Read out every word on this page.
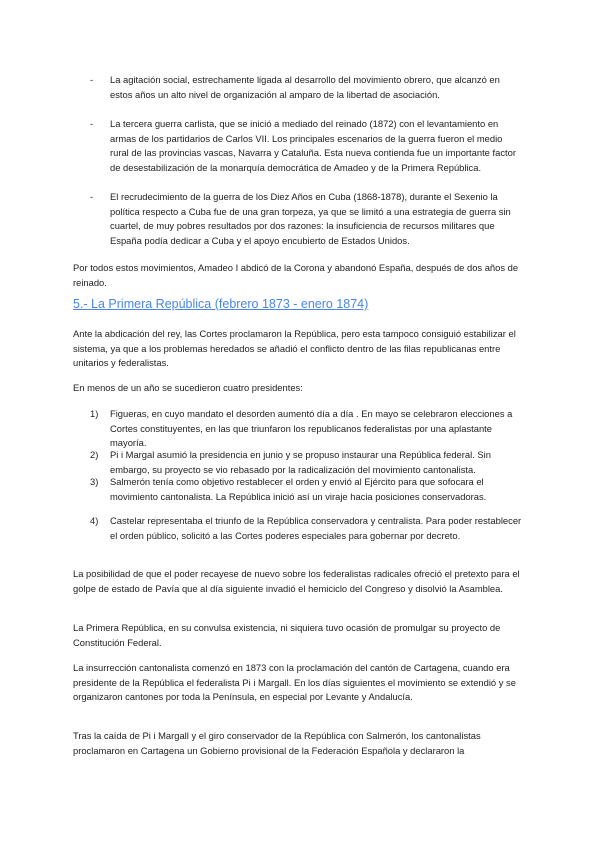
-	La agitación social, estrechamente ligada al desarrollo del movimiento obrero, que alcanzó en estos años un alto nivel de organización al amparo de la libertad de asociación.
-	La tercera guerra carlista, que se inició a mediado del reinado (1872) con el levantamiento en armas de los partidarios de Carlos VII. Los principales escenarios de la guerra fueron el medio rural de las provincias vascas, Navarra y Cataluña. Esta nueva contienda fue un importante factor de desestabilización de la monarquía democrática de Amadeo y de la Primera República.
-	El recrudecimiento de la guerra de los Diez Años en Cuba (1868-1878), durante el Sexenio la política respecto a Cuba fue de una gran torpeza, ya que se limitó a una estrategia de guerra sin cuartel, de muy pobres resultados por dos razones: la insuficiencia de recursos militares que España podía dedicar a Cuba y el apoyo encubierto de Estados Unidos.

Por todos estos movimientos, Amadeo I abdicó de la Corona y abandonó España, después de dos años de reinado.

5.- La Primera República (febrero 1873 - enero 1874)

Ante la abdicación del rey, las Cortes proclamaron la República, pero esta tampoco consiguió estabilizar el sistema, ya que a los problemas heredados se añadió el conflicto dentro de las filas republicanas entre unitarios y federalistas.

En menos de un año se sucedieron cuatro presidentes:

1)	Figueras, en cuyo mandato el desorden aumentó día a día . En mayo se celebraron elecciones a Cortes constituyentes, en las que triunfaron los republicanos federalistas por una aplastante mayoría.
2)	Pi i Margal asumió la presidencia en junio y se propuso instaurar una República federal. Sin embargo, su proyecto se vio rebasado por la radicalización del movimiento cantonalista.
3)	Salmerón tenía como objetivo restablecer el orden y envió al Ejército para que sofocara el movimiento cantonalista. La República inició así un viraje hacia posiciones conservadoras.
4)	Castelar representaba el triunfo de la República conservadora y centralista. Para poder restablecer el orden público, solicitó a las Cortes poderes especiales para gobernar por decreto.

La posibilidad de que el poder recayese de nuevo sobre los federalistas radicales ofreció el pretexto para el golpe de estado de Pavía que al día siguiente invadió el hemiciclo del Congreso y disolvió la Asamblea.

La Primera República, en su convulsa existencia, ni siquiera tuvo ocasión de promulgar su proyecto de Constitución Federal.

La insurrección cantonalista comenzó en 1873 con la proclamación del cantón de Cartagena, cuando era presidente de la República el federalista Pi i Margall. En los días siguientes el movimiento se extendió y se organizaron cantones por toda la Península, en especial por Levante y Andalucía.

Tras la caída de Pi i Margall y el giro conservador de la República con Salmerón, los cantonalistas proclamaron en Cartagena un Gobierno provisional de la Federación Española y declararon la
